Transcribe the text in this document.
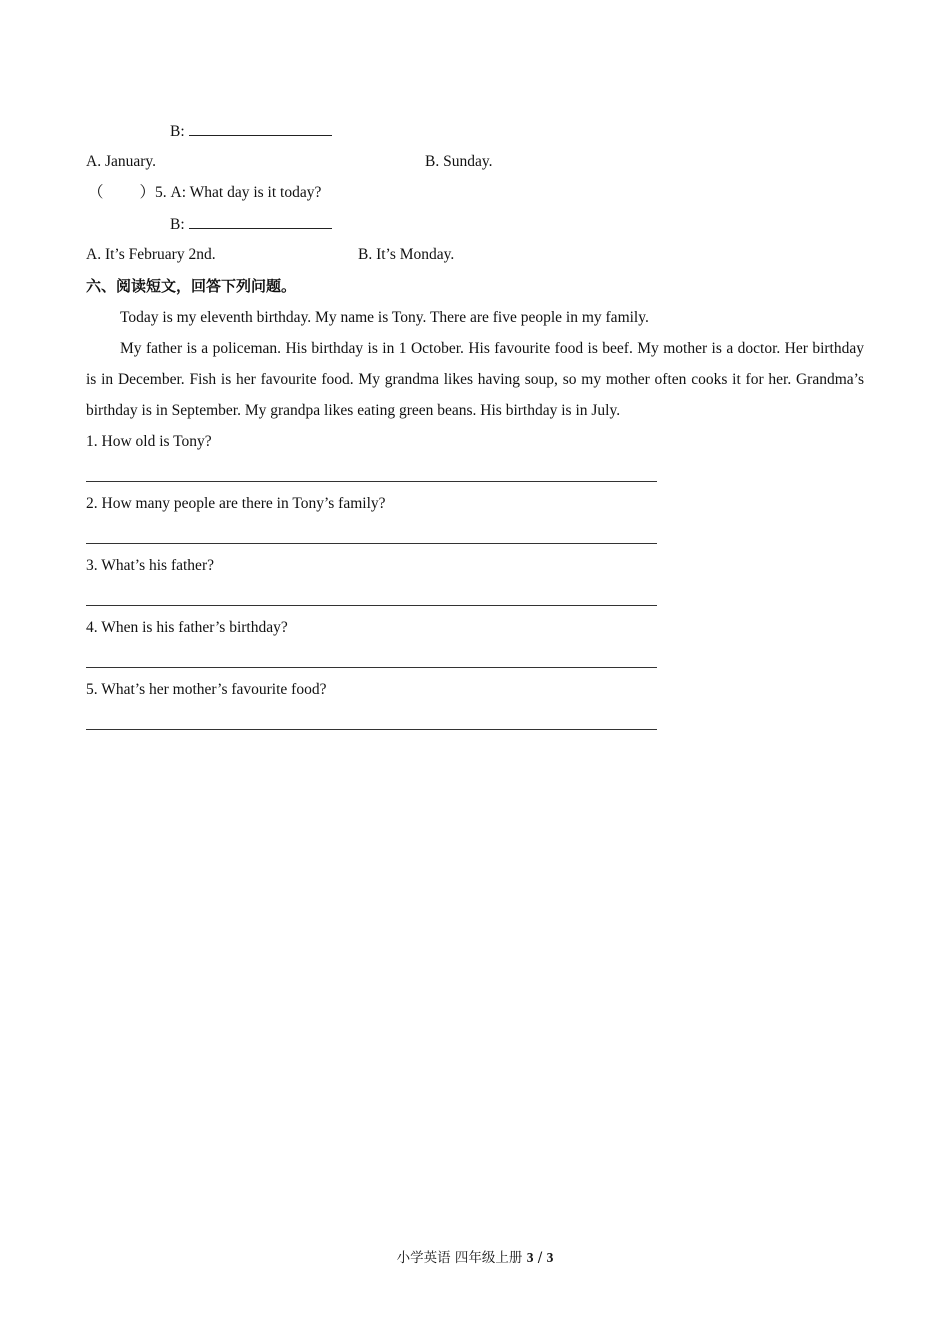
B:
A. January.	B. Sunday.
（ ）5. A: What day is it today?
B:
A. It’s February 2nd.	B. It’s Monday.
六、阅读短文，回答下列问题。
Today is my eleventh birthday. My name is Tony. There are five people in my family.
My father is a policeman. His birthday is in 1 October. His favourite food is beef. My mother is a doctor. Her birthday is in December. Fish is her favourite food. My grandma likes having soup, so my mother often cooks it for her. Grandma’s birthday is in September. My grandpa likes eating green beans. His birthday is in July.
1. How old is Tony?
2. How many people are there in Tony’s family?
3. What’s his father?
4. When is his father’s birthday?
5. What’s her mother’s favourite food?
小学英语 四年级上册 3 / 3
